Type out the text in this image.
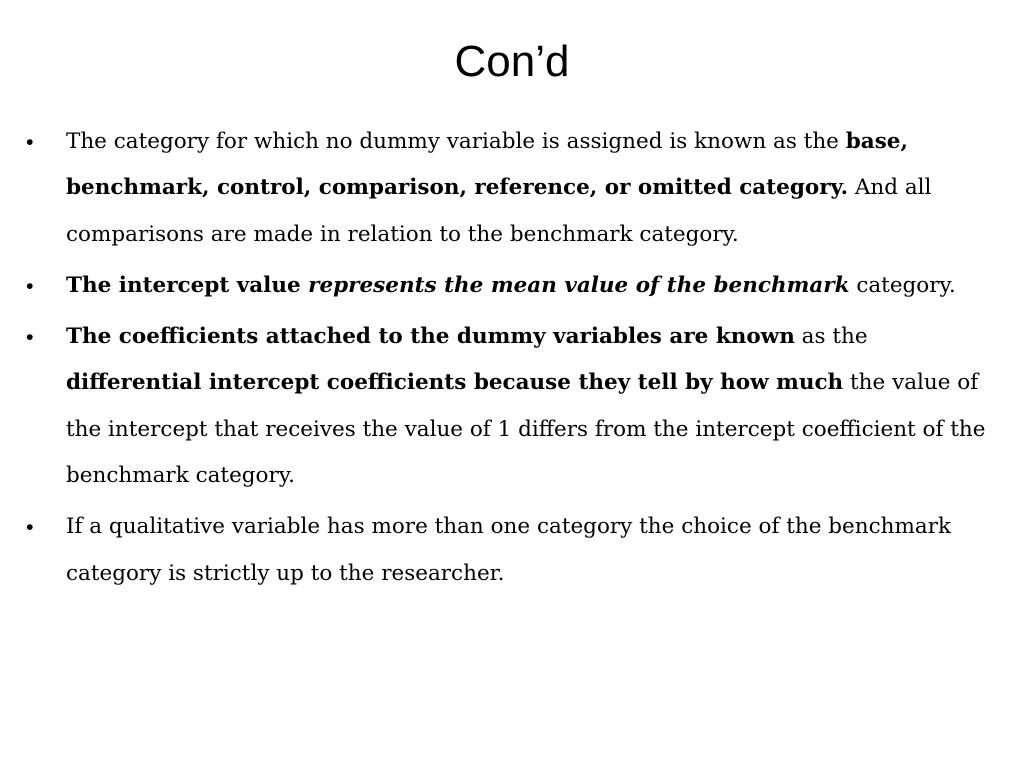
Con’d
• The category for which no dummy variable is assigned is known as the base, benchmark, control, comparison, reference, or omitted category. And all comparisons are made in relation to the benchmark category.
• The intercept value represents the mean value of the benchmark category.
• The coefficients attached to the dummy variables are known as the differential intercept coefficients because they tell by how much the value of the intercept that receives the value of 1 differs from the intercept coefficient of the benchmark category.
• If a qualitative variable has more than one category the choice of the benchmark category is strictly up to the researcher.
